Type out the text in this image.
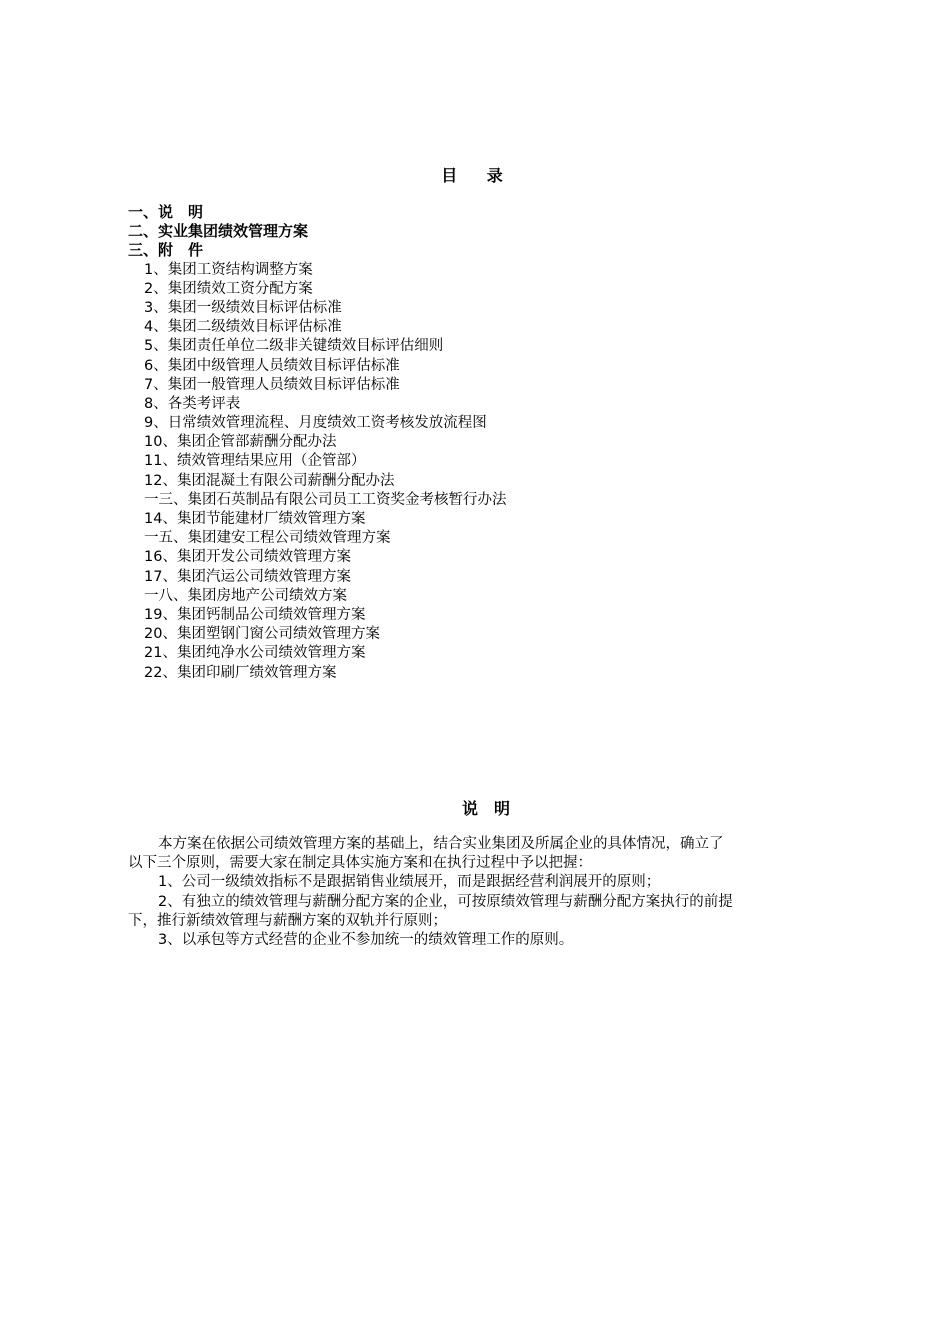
目 录
一、说　明
二、实业集团绩效管理方案
三、附　件
1、集团工资结构调整方案
2、集团绩效工资分配方案
3、集团一级绩效目标评估标准
4、集团二级绩效目标评估标准
5、集团责任单位二级非关键绩效目标评估细则
6、集团中级管理人员绩效目标评估标准
7、集团一般管理人员绩效目标评估标准
8、各类考评表
9、日常绩效管理流程、月度绩效工资考核发放流程图
10、集团企管部薪酬分配办法
11、绩效管理结果应用（企管部）
12、集团混凝土有限公司薪酬分配办法
一三、集团石英制品有限公司员工工资奖金考核暂行办法
14、集团节能建材厂绩效管理方案
一五、集团建安工程公司绩效管理方案
16、集团开发公司绩效管理方案
17、集团汽运公司绩效管理方案
一八、集团房地产公司绩效方案
19、集团钙制品公司绩效管理方案
20、集团塑钢门窗公司绩效管理方案
21、集团纯净水公司绩效管理方案
22、集团印刷厂绩效管理方案
说　明

本方案在依据公司绩效管理方案的基础上，结合实业集团及所属企业的具体情况，确立了
以下三个原则，需要大家在制定具体实施方案和在执行过程中予以把握：

1、公司一级绩效指标不是跟据销售业绩展开，而是跟据经营利润展开的原则；

2、有独立的绩效管理与薪酬分配方案的企业，可按原绩效管理与薪酬分配方案执行的前提
下，推行新绩效管理与薪酬方案的双轨并行原则；

3、以承包等方式经营的企业不参加统一的绩效管理工作的原则。
